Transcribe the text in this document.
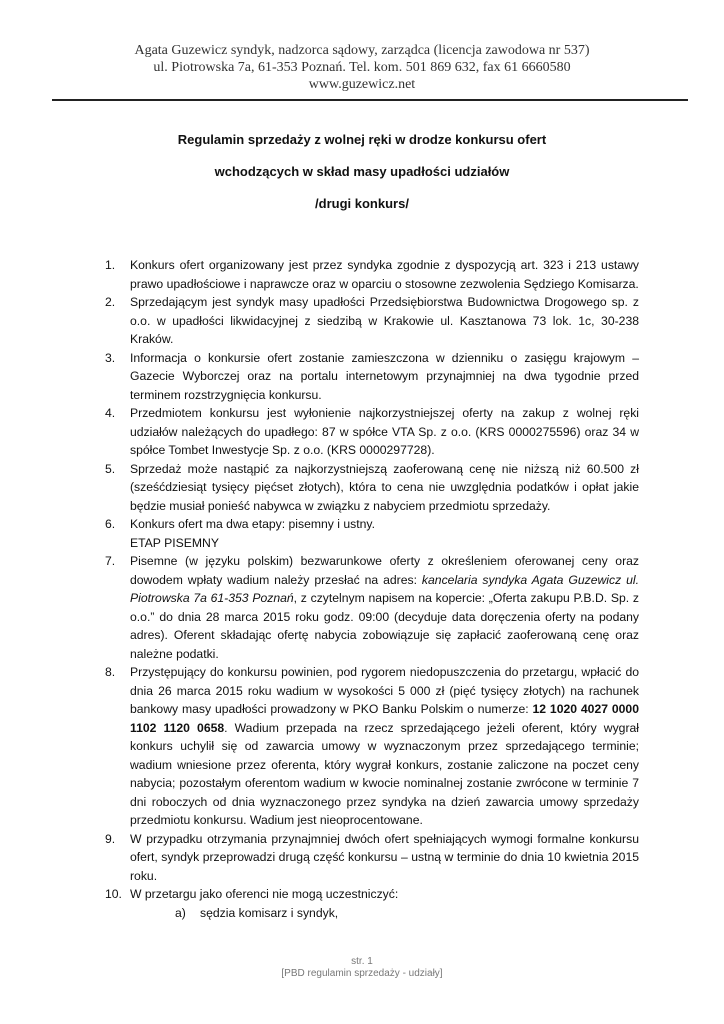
Agata Guzewicz syndyk, nadzorca sądowy, zarządca (licencja zawodowa nr 537)
ul. Piotrowska 7a, 61-353 Poznań. Tel. kom. 501 869 632, fax 61 6660580
www.guzewicz.net
Regulamin sprzedaży z wolnej ręki w drodze konkursu ofert
wchodzących w skład masy upadłości udziałów
/drugi konkurs/
1. Konkurs ofert organizowany jest przez syndyka zgodnie z dyspozycją art. 323 i 213 ustawy prawo upadłościowe i naprawcze oraz w oparciu o stosowne zezwolenia Sędziego Komisarza.
2. Sprzedającym jest syndyk masy upadłości Przedsiębiorstwa Budownictwa Drogowego sp. z o.o. w upadłości likwidacyjnej z siedzibą w Krakowie ul. Kasztanowa 73 lok. 1c, 30-238 Kraków.
3. Informacja o konkursie ofert zostanie zamieszczona w dzienniku o zasięgu krajowym – Gazecie Wyborczej oraz na portalu internetowym przynajmniej na dwa tygodnie przed terminem rozstrzygnięcia konkursu.
4. Przedmiotem konkursu jest wyłonienie najkorzystniejszej oferty na zakup z wolnej ręki udziałów należących do upadłego: 87 w spółce VTA Sp. z o.o. (KRS 0000275596) oraz 34 w spółce Tombet Inwestycje Sp. z o.o. (KRS 0000297728).
5. Sprzedaż może nastąpić za najkorzystniejszą zaoferowaną cenę nie niższą niż 60.500 zł (sześćdziesiąt tysięcy pięćset złotych), która to cena nie uwzględnia podatków i opłat jakie będzie musiał ponieść nabywca w związku z nabyciem przedmiotu sprzedaży.
6. Konkurs ofert ma dwa etapy: pisemny i ustny.
ETAP PISEMNY
7. Pisemne (w języku polskim) bezwarunkowe oferty z określeniem oferowanej ceny oraz dowodem wpłaty wadium należy przesłać na adres: kancelaria syndyka Agata Guzewicz ul. Piotrowska 7a 61-353 Poznań, z czytelnym napisem na kopercie: „Oferta zakupu P.B.D. Sp. z o.o.” do dnia 28 marca 2015 roku godz. 09:00 (decyduje data doręczenia oferty na podany adres). Oferent składając ofertę nabycia zobowiązuje się zapłacić zaoferowaną cenę oraz należne podatki.
8. Przystępujący do konkursu powinien, pod rygorem niedopuszczenia do przetargu, wpłacić do dnia 26 marca 2015 roku wadium w wysokości 5 000 zł (pięć tysięcy złotych) na rachunek bankowy masy upadłości prowadzony w PKO Banku Polskim o numerze: 12 1020 4027 0000 1102 1120 0658. Wadium przepada na rzecz sprzedającego jeżeli oferent, który wygrał konkurs uchylił się od zawarcia umowy w wyznaczonym przez sprzedającego terminie; wadium wniesione przez oferenta, który wygrał konkurs, zostanie zaliczone na poczet ceny nabycia; pozostałym oferentom wadium w kwocie nominalnej zostanie zwrócone w terminie 7 dni roboczych od dnia wyznaczonego przez syndyka na dzień zawarcia umowy sprzedaży przedmiotu konkursu. Wadium jest nieoprocentowane.
9. W przypadku otrzymania przynajmniej dwóch ofert spełniających wymogi formalne konkursu ofert, syndyk przeprowadzi drugą część konkursu – ustną w terminie do dnia 10 kwietnia 2015 roku.
10. W przetargu jako oferenci nie mogą uczestniczyć:
a) sędzia komisarz i syndyk,
str. 1
[PBD regulamin sprzedaży - udziały]
